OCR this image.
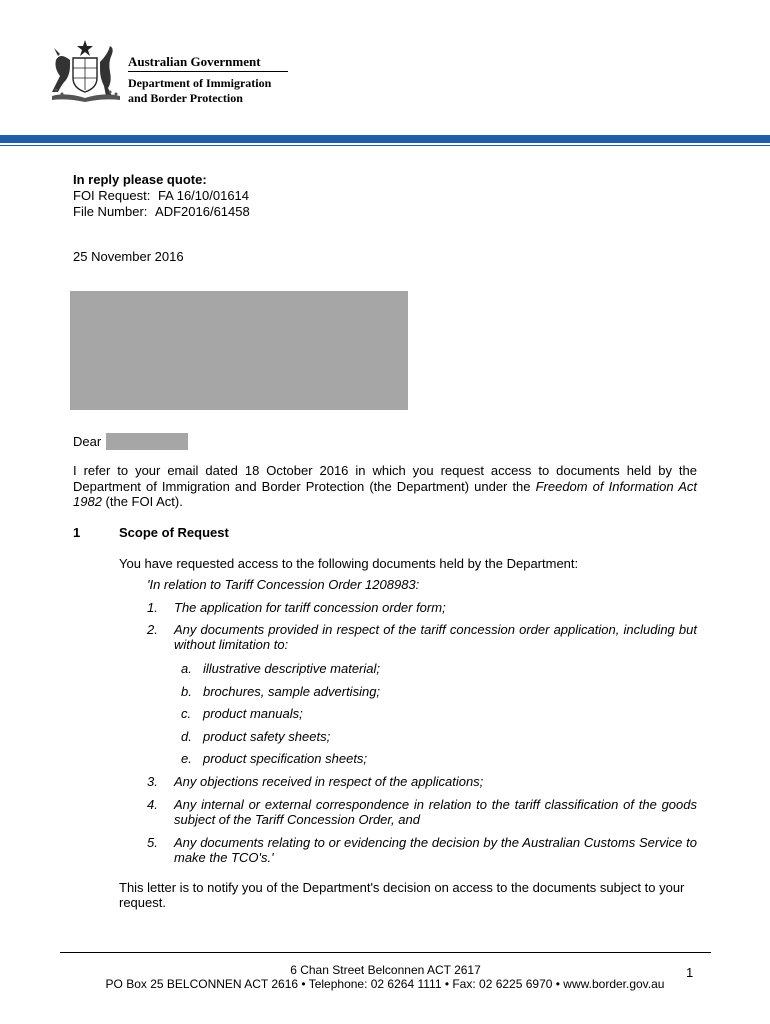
Australian Government
Department of Immigration
and Border Protection
In reply please quote:
FOI Request: FA 16/10/01614
File Number: ADF2016/61458
25 November 2016
Dear
I refer to your email dated 18 October 2016 in which you request access to documents held by the Department of Immigration and Border Protection (the Department) under the Freedom of Information Act 1982 (the FOI Act).
1	Scope of Request
You have requested access to the following documents held by the Department:
'In relation to Tariff Concession Order 1208983:
1. The application for tariff concession order form;
2. Any documents provided in respect of the tariff concession order application, including but without limitation to:
a. illustrative descriptive material;
b. brochures, sample advertising;
c. product manuals;
d. product safety sheets;
e. product specification sheets;
3. Any objections received in respect of the applications;
4. Any internal or external correspondence in relation to the tariff classification of the goods subject of the Tariff Concession Order, and
5. Any documents relating to or evidencing the decision by the Australian Customs Service to make the TCO's.'
This letter is to notify you of the Department's decision on access to the documents subject to your request.
6 Chan Street Belconnen ACT 2617	1
PO Box 25 BELCONNEN ACT 2616 • Telephone: 02 6264 1111 • Fax: 02 6225 6970 • www.border.gov.au
